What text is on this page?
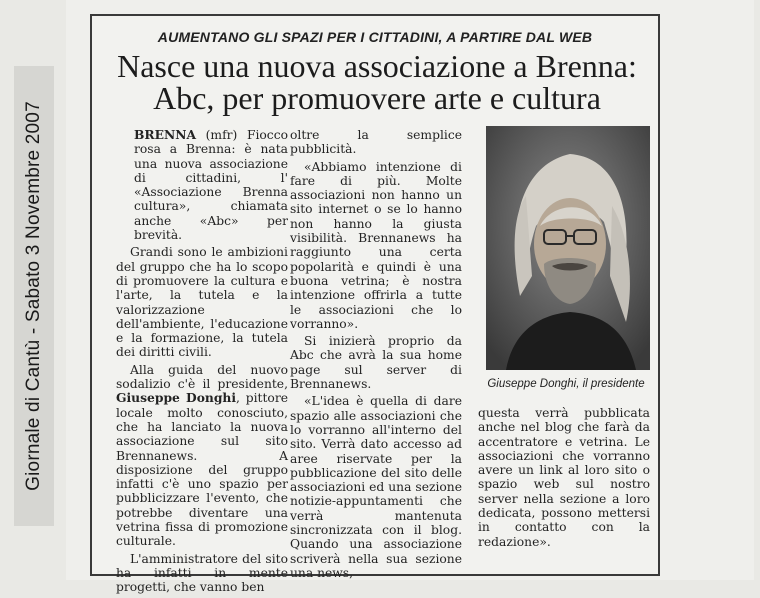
Giornale di Cantù - Sabato 3 Novembre 2007
AUMENTANO GLI SPAZI PER I CITTADINI, A PARTIRE DAL WEB
Nasce una nuova associazione a Brenna:
Abc, per promuovere arte e cultura

BRENNA (mfr) Fiocco rosa a Brenna: è nata una nuova associazione di cittadini, l' «Associazione Brenna cultura», chiamata anche «Abc» per brevità.

Grandi sono le ambizioni del gruppo che ha lo scopo di promuovere la cultura e l'arte, la tutela e la valorizzazione dell'ambiente, l'educazione e la formazione, la tutela dei diritti civili.

Alla guida del nuovo sodalizio c'è il presidente, Giuseppe Donghi, pittore locale molto conosciuto, che ha lanciato la nuova associazione sul sito Brennanews. A disposizione del gruppo infatti c'è uno spazio per pubblicizzare l'evento, che potrebbe diventare una vetrina fissa di promozione culturale.

L'amministratore del sito ha infatti in mente progetti, che vanno ben

oltre la semplice pubblicità.

«Abbiamo intenzione di fare di più. Molte associazioni non hanno un sito internet o se lo hanno non hanno la giusta visibilità. Brennanews ha raggiunto una certa popolarità e quindi è una buona vetrina; è nostra intenzione offrirla a tutte le associazioni che lo vorranno».

Si inizierà proprio da Abc che avrà la sua home page sul server di Brennanews.

«L'idea è quella di dare spazio alle associazioni che lo vorranno all'interno del sito. Verrà dato accesso ad aree riservate per la pubblicazione del sito delle associazioni ed una sezione notizie-appuntamenti che verrà mantenuta sincronizzata con il blog. Quando una associazione scriverà nella sua sezione una news,

Giuseppe Donghi, il presidente

questa verrà pubblicata anche nel blog che farà da accentratore e vetrina. Le associazioni che vorranno avere un link al loro sito o spazio web sul nostro server nella sezione a loro dedicata, possono mettersi in contatto con la redazione».
